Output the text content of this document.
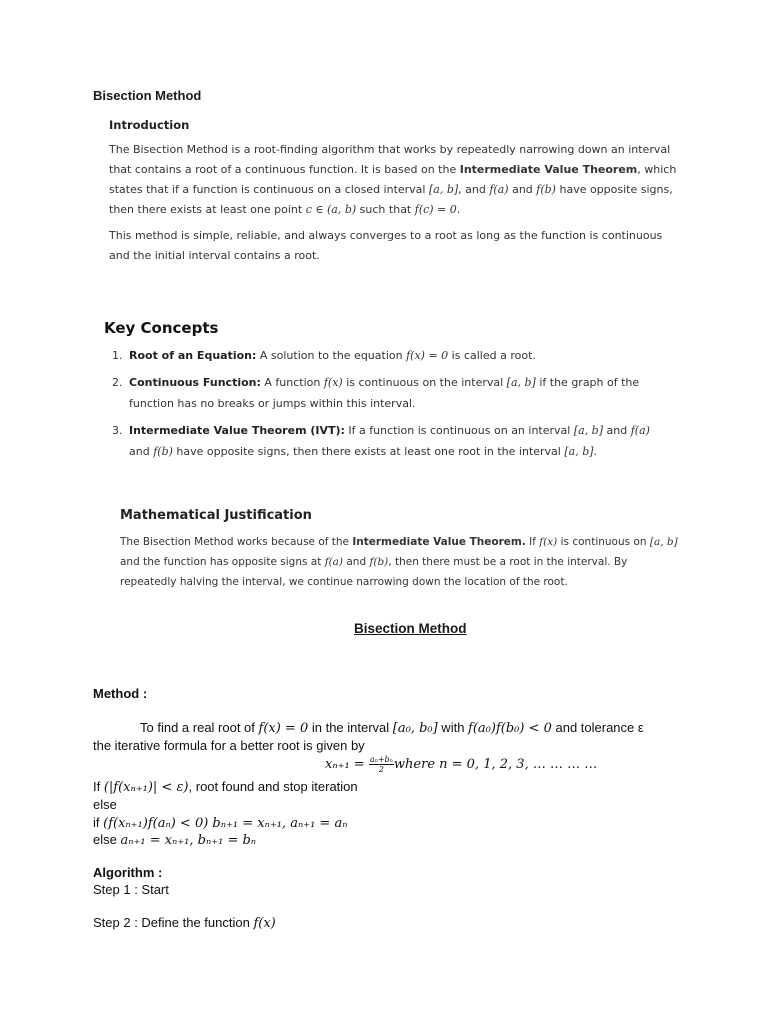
Bisection Method
Introduction

The Bisection Method is a root-finding algorithm that works by repeatedly narrowing down an interval that contains a root of a continuous function. It is based on the Intermediate Value Theorem, which states that if a function is continuous on a closed interval [a, b], and f(a) and f(b) have opposite signs, then there exists at least one point c ∈ (a, b) such that f(c) = 0.

This method is simple, reliable, and always converges to a root as long as the function is continuous and the initial interval contains a root.

Key Concepts
1. Root of an Equation: A solution to the equation f(x) = 0 is called a root.
2. Continuous Function: A function f(x) is continuous on the interval [a, b] if the graph of the function has no breaks or jumps within this interval.
3. Intermediate Value Theorem (IVT): If a function is continuous on an interval [a, b] and f(a) and f(b) have opposite signs, then there exists at least one root in the interval [a, b].
Mathematical Justification

The Bisection Method works because of the Intermediate Value Theorem. If f(x) is continuous on [a, b] and the function has opposite signs at f(a) and f(b), then there must be a root in the interval. By repeatedly halving the interval, we continue narrowing down the location of the root.

Bisection Method
Method :
To find a real root of f(x) = 0 in the interval [a₀, b₀] with f(a₀)f(b₀) < 0 and tolerance ε
the iterative formula for a better root is given by
$x_{n+1} = \frac{\text{aₙ+bₙ}}{2}$ where n = 0, 1, 2, 3, … … … …
If (|f(xₙ₊₁)| < ε), root found and stop iteration
else
if (f(xₙ₊₁)f(aₙ) < 0) bₙ₊₁ = xₙ₊₁, aₙ₊₁ = aₙ
else aₙ₊₁ = xₙ₊₁, bₙ₊₁ = bₙ
Algorithm :
Step 1 : Start
Step 2 : Define the function f(x)
